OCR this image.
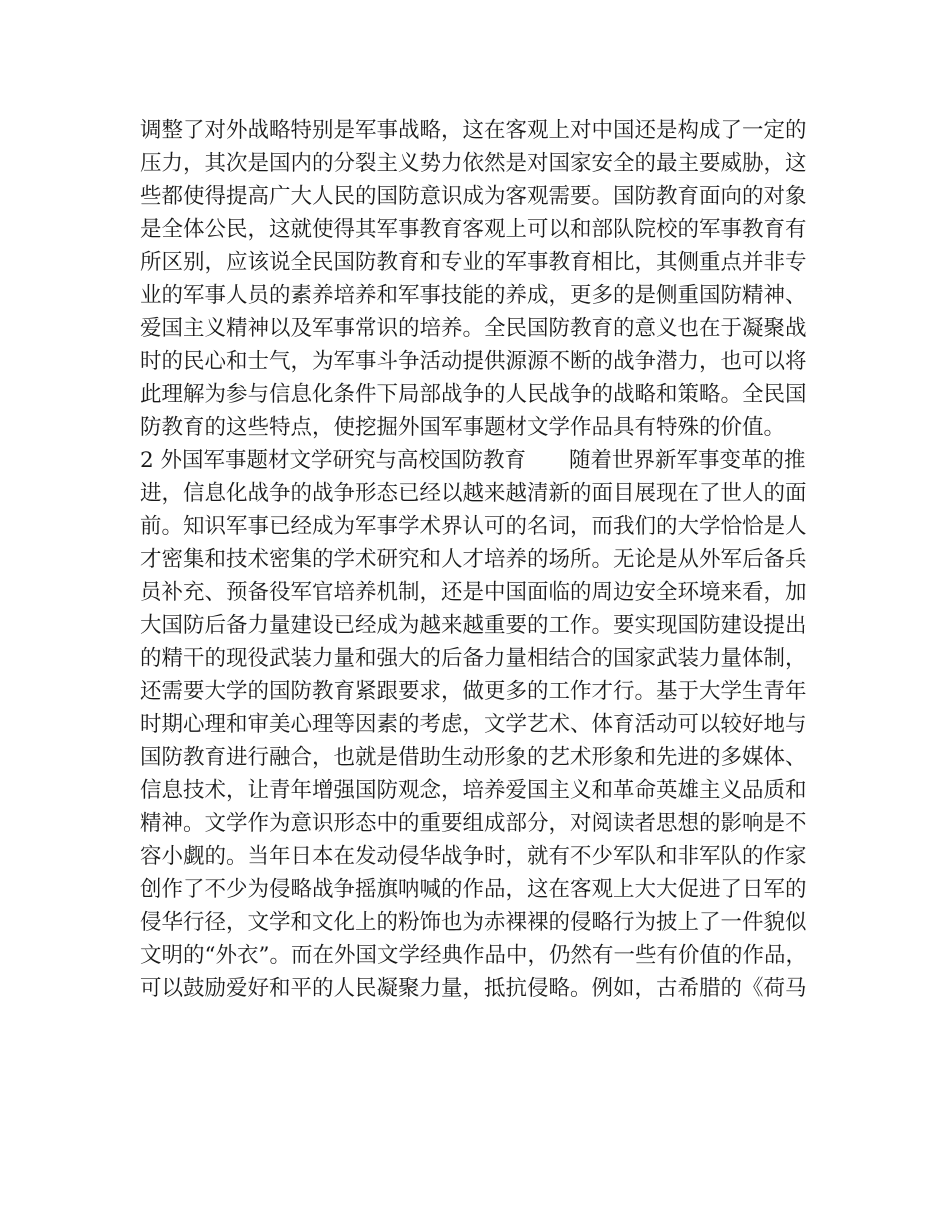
调整了对外战略特别是军事战略，这在客观上对中国还是构成了一定的
压力，其次是国内的分裂主义势力依然是对国家安全的最主要威胁，这
些都使得提高广大人民的国防意识成为客观需要。国防教育面向的对象
是全体公民，这就使得其军事教育客观上可以和部队院校的军事教育有
所区别，应该说全民国防教育和专业的军事教育相比，其侧重点并非专
业的军事人员的素养培养和军事技能的养成，更多的是侧重国防精神、
爱国主义精神以及军事常识的培养。全民国防教育的意义也在于凝聚战
时的民心和士气，为军事斗争活动提供源源不断的战争潜力，也可以将
此理解为参与信息化条件下局部战争的人民战争的战略和策略。全民国
防教育的这些特点，使挖掘外国军事题材文学作品具有特殊的价值。
2 外国军事题材文学研究与高校国防教育　　随着世界新军事变革的推
进，信息化战争的战争形态已经以越来越清新的面目展现在了世人的面
前。知识军事已经成为军事学术界认可的名词，而我们的大学恰恰是人
才密集和技术密集的学术研究和人才培养的场所。无论是从外军后备兵
员补充、预备役军官培养机制，还是中国面临的周边安全环境来看，加
大国防后备力量建设已经成为越来越重要的工作。要实现国防建设提出
的精干的现役武装力量和强大的后备力量相结合的国家武装力量体制，
还需要大学的国防教育紧跟要求，做更多的工作才行。基于大学生青年
时期心理和审美心理等因素的考虑，文学艺术、体育活动可以较好地与
国防教育进行融合，也就是借助生动形象的艺术形象和先进的多媒体、
信息技术，让青年增强国防观念，培养爱国主义和革命英雄主义品质和
精神。文学作为意识形态中的重要组成部分，对阅读者思想的影响是不
容小觑的。当年日本在发动侵华战争时，就有不少军队和非军队的作家
创作了不少为侵略战争摇旗呐喊的作品，这在客观上大大促进了日军的
侵华行径，文学和文化上的粉饰也为赤裸裸的侵略行为披上了一件貌似
文明的“外衣”。而在外国文学经典作品中，仍然有一些有价值的作品，
可以鼓励爱好和平的人民凝聚力量，抵抗侵略。例如，古希腊的《荷马
